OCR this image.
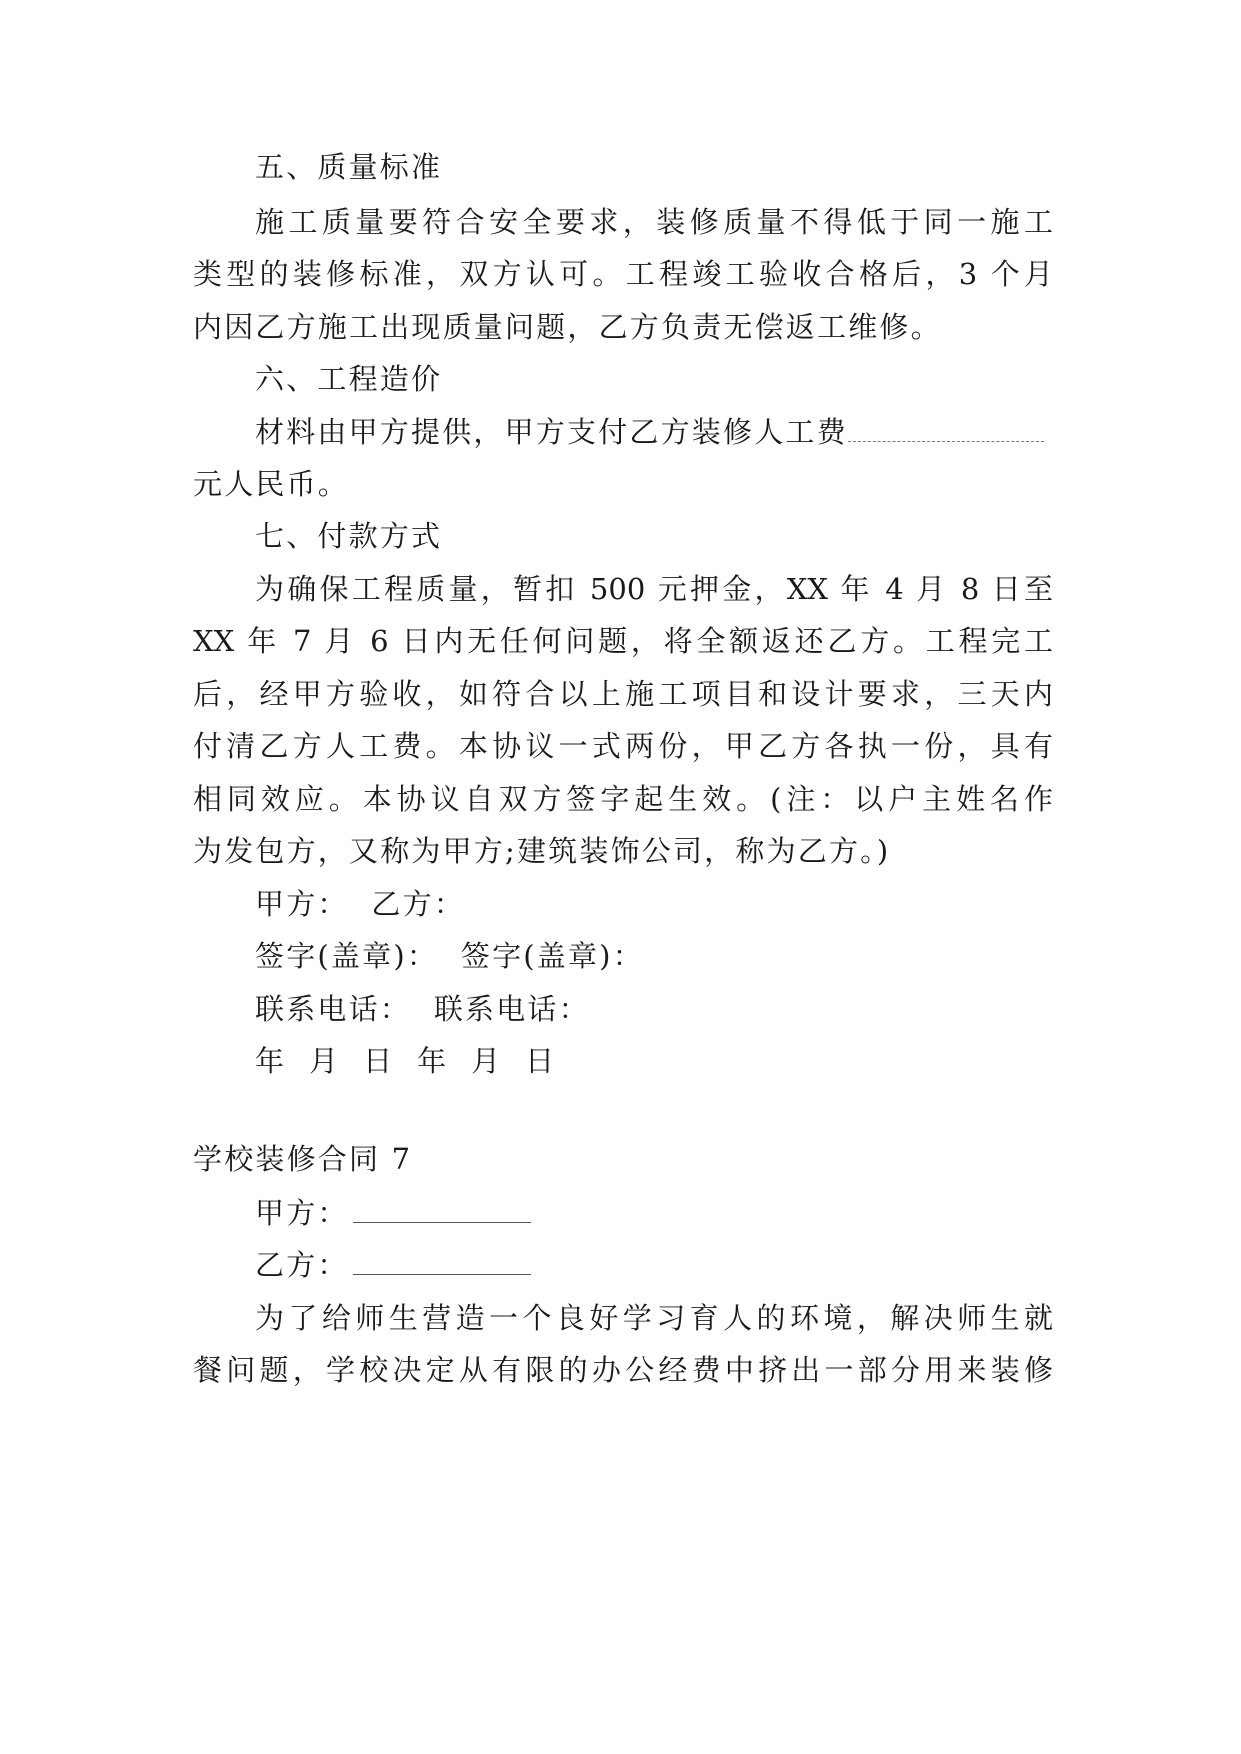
五、质量标准
施工质量要符合安全要求，装修质量不得低于同一施工
类型的装修标准，双方认可。工程竣工验收合格后，3 个月
内因乙方施工出现质量问题，乙方负责无偿返工维修。
六、工程造价
材料由甲方提供，甲方支付乙方装修人工费
元人民币。
七、付款方式
为确保工程质量，暂扣 500 元押金，XX 年 4 月 8 日至
XX 年 7 月 6 日内无任何问题，将全额返还乙方。工程完工
后，经甲方验收，如符合以上施工项目和设计要求，三天内
付清乙方人工费。本协议一式两份，甲乙方各执一份，具有
相同效应。本协议自双方签字起生效。(注：以户主姓名作
为发包方，又称为甲方;建筑装饰公司，称为乙方。)
甲方：  乙方：
签字(盖章)：  签字(盖章)：
联系电话：  联系电话：
年  月  日  年  月  日
学校装修合同 7
甲方：
乙方：
为了给师生营造一个良好学习育人的环境，解决师生就
餐问题，学校决定从有限的办公经费中挤出一部分用来装修
